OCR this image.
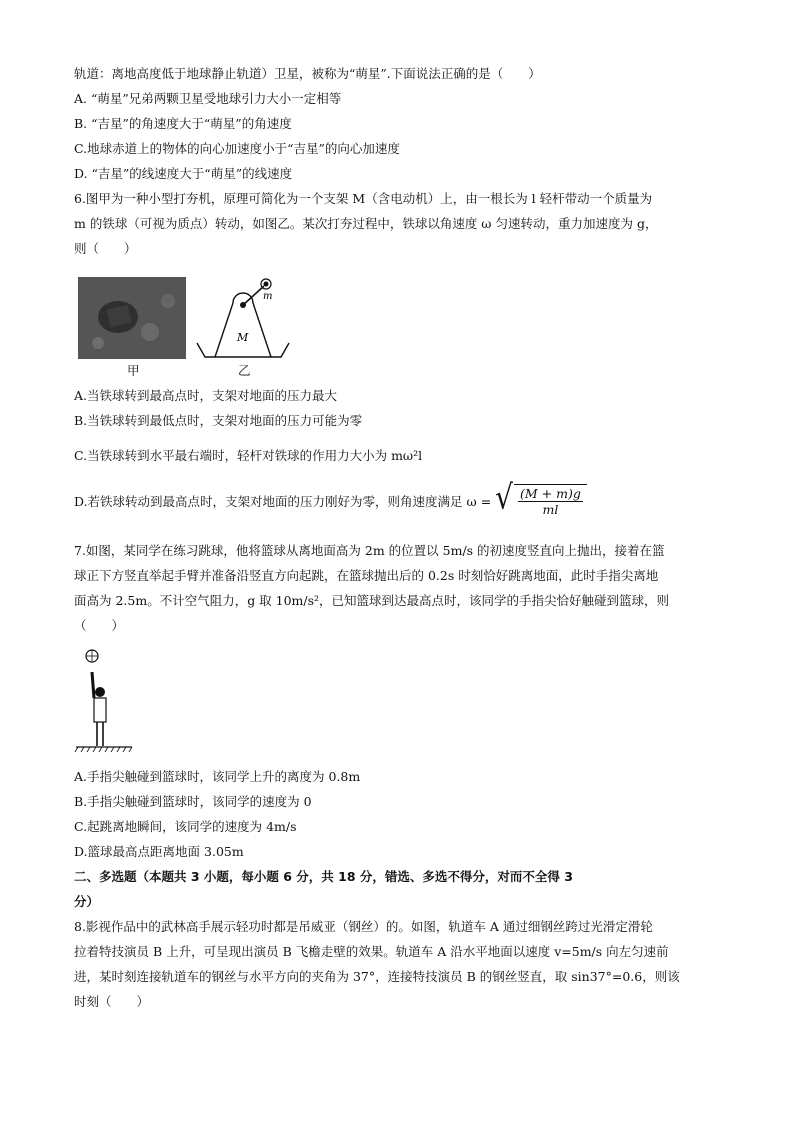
轨道：离地高度低于地球静止轨道）卫星，被称为“萌星”.下面说法正确的是（　　）
A. “萌星”兄弟两颗卫星受地球引力大小一定相等
B. “吉星”的角速度大于“萌星”的角速度
C.地球赤道上的物体的向心加速度小于“吉星”的向心加速度
D. “吉星”的线速度大于“萌星”的线速度
6.图甲为一种小型打夯机，原理可简化为一个支架 M（含电动机）上，由一根长为 l 轻杆带动一个质量为
m 的铁球（可视为质点）转动，如图乙。某次打夯过程中，铁球以角速度 ω 匀速转动，重力加速度为 g，
则（　　）
甲
M
m
乙
A.当铁球转到最高点时，支架对地面的压力最大
B.当铁球转到最低点时，支架对地面的压力可能为零
C.当铁球转到水平最右端时，轻杆对铁球的作用力大小为 mω²l
D.若铁球转动到最高点时，支架对地面的压力刚好为零，则角速度满足 ω = √ $\frac{(M + m)g}{ml}$
7.如图，某同学在练习跳球，他将篮球从离地面高为 2m 的位置以 5m/s 的初速度竖直向上抛出，接着在篮
球正下方竖直举起手臂并准备沿竖直方向起跳，在篮球抛出后的 0.2s 时刻恰好跳离地面，此时手指尖离地
面高为 2.5m。不计空气阻力，g 取 10m/s²，已知篮球到达最高点时，该同学的手指尖恰好触碰到篮球，则
（　　）
A.手指尖触碰到篮球时，该同学上升的离度为 0.8m
B.手指尖触碰到篮球时，该同学的速度为 0
C.起跳离地瞬间，该同学的速度为 4m/s
D.篮球最高点距离地面 3.05m
二、多选题（本题共 3 小题，每小题 6 分，共 18 分，错选、多选不得分，对而不全得 3
分）
8.影视作品中的武林高手展示轻功时都是吊威亚（钢丝）的。如图，轨道车 A 通过细钢丝跨过光滑定滑轮
拉着特技演员 B 上升，可呈现出演员 B 飞檐走壁的效果。轨道车 A 沿水平地面以速度 v=5m/s 向左匀速前
进，某时刻连接轨道车的钢丝与水平方向的夹角为 37°，连接特技演员 B 的钢丝竖直，取 sin37°=0.6，则该
时刻（　　）
